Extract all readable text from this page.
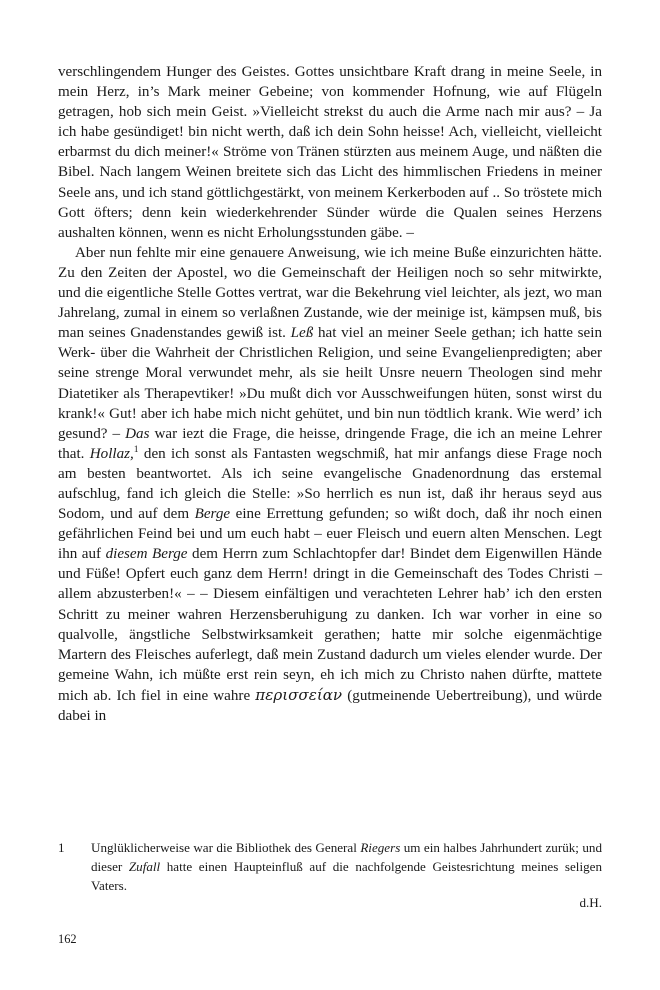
verschlingendem Hunger des Geistes. Gottes unsichtbare Kraft drang in meine Seele, in mein Herz, in’s Mark meiner Gebeine; von kommender Hofnung, wie auf Flügeln getragen, hob sich mein Geist. »Vielleicht strekst du auch die Arme nach mir aus? – Ja ich habe gesündiget! bin nicht werth, daß ich dein Sohn heisse! Ach, vielleicht, vielleicht erbarmst du dich meiner!« Ströme von Tränen stürzten aus meinem Auge, und näßten die Bibel. Nach langem Weinen breitete sich das Licht des himmlischen Friedens in meiner Seele ans, und ich stand göttlichgestärkt, von meinem Kerkerboden auf .. So tröstete mich Gott öfters; denn kein wiederkehrender Sünder würde die Qualen seines Herzens aushalten können, wenn es nicht Erholungsstunden gäbe. –

Aber nun fehlte mir eine genauere Anweisung, wie ich meine Buße einzurichten hätte. Zu den Zeiten der Apostel, wo die Gemeinschaft der Heiligen noch so sehr mitwirkte, und die eigentliche Stelle Gottes vertrat, war die Bekehrung viel leichter, als jezt, wo man Jahrelang, zumal in einem so verlaßnen Zustande, wie der meinige ist, kämpsen muß, bis man seines Gnadenstandes gewiß ist. Leß hat viel an meiner Seele gethan; ich hatte sein Werk- über die Wahrheit der Christlichen Religion, und seine Evangelienpredigten; aber seine strenge Moral verwundet mehr, als sie heilt Unsre neuern Theologen sind mehr Diatetiker als Therapevtiker! »Du mußt dich vor Ausschweifungen hüten, sonst wirst du krank!« Gut! aber ich habe mich nicht gehütet, und bin nun tödtlich krank. Wie werd’ ich gesund? – Das war iezt die Frage, die heisse, dringende Frage, die ich an meine Lehrer that. Hollaz,$^1$ den ich sonst als Fantasten wegschmiß, hat mir anfangs diese Frage noch am besten beantwortet. Als ich seine evangelische Gnadenordnung das erstemal aufschlug, fand ich gleich die Stelle: »So herrlich es nun ist, daß ihr heraus seyd aus Sodom, und auf dem Berge eine Errettung gefunden; so wißt doch, daß ihr noch einen gefährlichen Feind bei und um euch habt – euer Fleisch und euern alten Menschen. Legt ihn auf diesem Berge dem Herrn zum Schlachtopfer dar! Bindet dem Eigenwillen Hände und Füße! Opfert euch ganz dem Herrn! dringt in die Gemeinschaft des Todes Christi – allem abzusterben!« – – Diesem einfältigen und verachteten Lehrer hab’ ich den ersten Schritt zu meiner wahren Herzensberuhigung zu danken. Ich war vorher in eine so qualvolle, ängstliche Selbstwirksamkeit gerathen; hatte mir solche eigenmächtige Martern des Fleisches auferlegt, daß mein Zustand dadurch um vieles elender wurde. Der gemeine Wahn, ich müßte erst rein seyn, eh ich mich zu Christo nahen dürfte, mattete mich ab. Ich fiel in eine wahre περισσείαν (gutmeinende Uebertreibung), und würde dabei in

1	Unglüklicherweise war die Bibliothek des General Riegers um ein halbes Jahrhundert zurük; und dieser Zufall hatte einen Haupteinfluß auf die nachfolgende Geistesrichtung meines seligen Vaters.
d.H.
162
